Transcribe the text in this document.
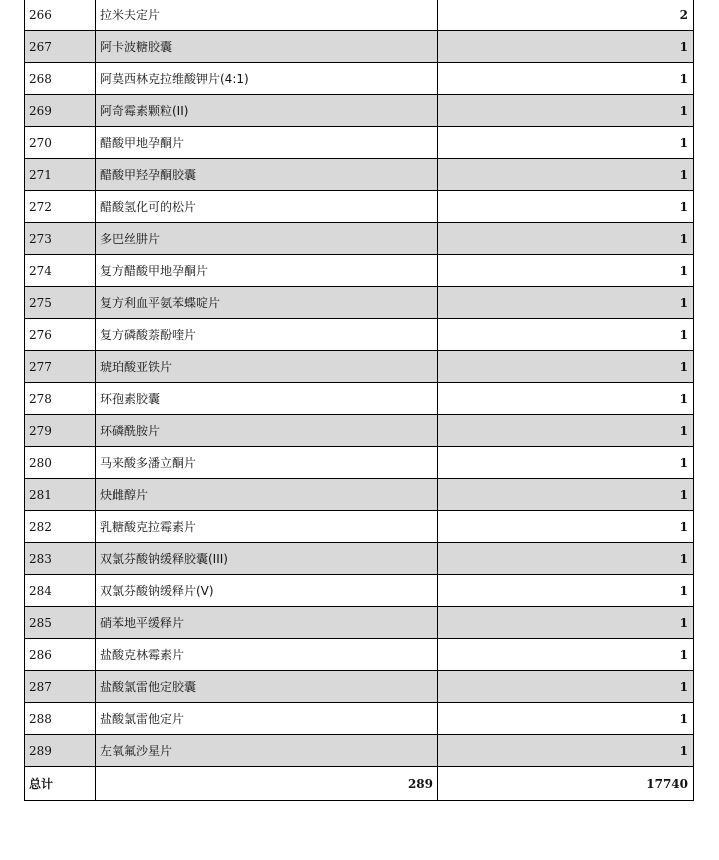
266	拉米夫定片	2
267	阿卡波糖胶囊	1
268	阿莫西林克拉维酸钾片(4:1)	1
269	阿奇霉素颗粒(II)	1
270	醋酸甲地孕酮片	1
271	醋酸甲羟孕酮胶囊	1
272	醋酸氢化可的松片	1
273	多巴丝肼片	1
274	复方醋酸甲地孕酮片	1
275	复方利血平氨苯蝶啶片	1
276	复方磷酸萘酚喹片	1
277	琥珀酸亚铁片	1
278	环孢素胶囊	1
279	环磷酰胺片	1
280	马来酸多潘立酮片	1
281	炔雌醇片	1
282	乳糖酸克拉霉素片	1
283	双氯芬酸钠缓释胶囊(III)	1
284	双氯芬酸钠缓释片(V)	1
285	硝苯地平缓释片	1
286	盐酸克林霉素片	1
287	盐酸氯雷他定胶囊	1
288	盐酸氯雷他定片	1
289	左氧氟沙星片	1
总计	289	17740
